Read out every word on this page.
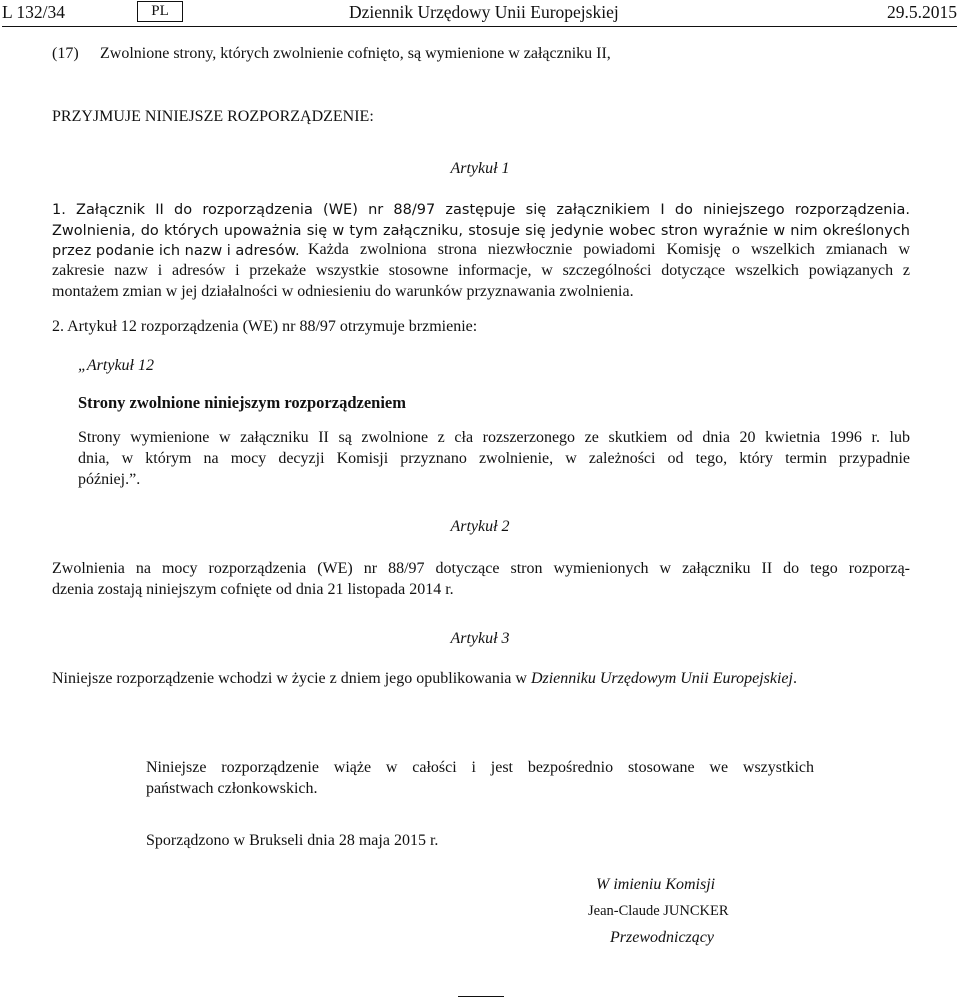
L 132/34	PL	Dziennik Urzędowy Unii Europejskiej	29.5.2015
(17) Zwolnione strony, których zwolnienie cofnięto, są wymienione w załączniku II,
PRZYJMUJE NINIEJSZE ROZPORZĄDZENIE:
Artykuł 1
1. Załącznik II do rozporządzenia (WE) nr 88/97 zastępuje się załącznikiem I do niniejszego rozporządzenia.
Zwolnienia, do których upoważnia się w tym załączniku, stosuje się jedynie wobec stron wyraźnie w nim określonych
przez podanie ich nazw i adresów. Każda zwolniona strona niezwłocznie powiadomi Komisję o wszelkich zmianach w
zakresie nazw i adresów i przekaże wszystkie stosowne informacje, w szczególności dotyczące wszelkich powiązanych z
montażem zmian w jej działalności w odniesieniu do warunków przyznawania zwolnienia.
2. Artykuł 12 rozporządzenia (WE) nr 88/97 otrzymuje brzmienie:
„Artykuł 12
Strony zwolnione niniejszym rozporządzeniem
Strony wymienione w załączniku II są zwolnione z cła rozszerzonego ze skutkiem od dnia 20 kwietnia 1996 r. lub
dnia, w którym na mocy decyzji Komisji przyznano zwolnienie, w zależności od tego, który termin przypadnie
później.”.
Artykuł 2
Zwolnienia na mocy rozporządzenia (WE) nr 88/97 dotyczące stron wymienionych w załączniku II do tego rozporzą-
dzenia zostają niniejszym cofnięte od dnia 21 listopada 2014 r.
Artykuł 3
Niniejsze rozporządzenie wchodzi w życie z dniem jego opublikowania w Dzienniku Urzędowym Unii Europejskiej.
Niniejsze rozporządzenie wiąże w całości i jest bezpośrednio stosowane we wszystkich
państwach członkowskich.
Sporządzono w Brukseli dnia 28 maja 2015 r.
W imieniu Komisji
Jean-Claude JUNCKER
Przewodniczący
